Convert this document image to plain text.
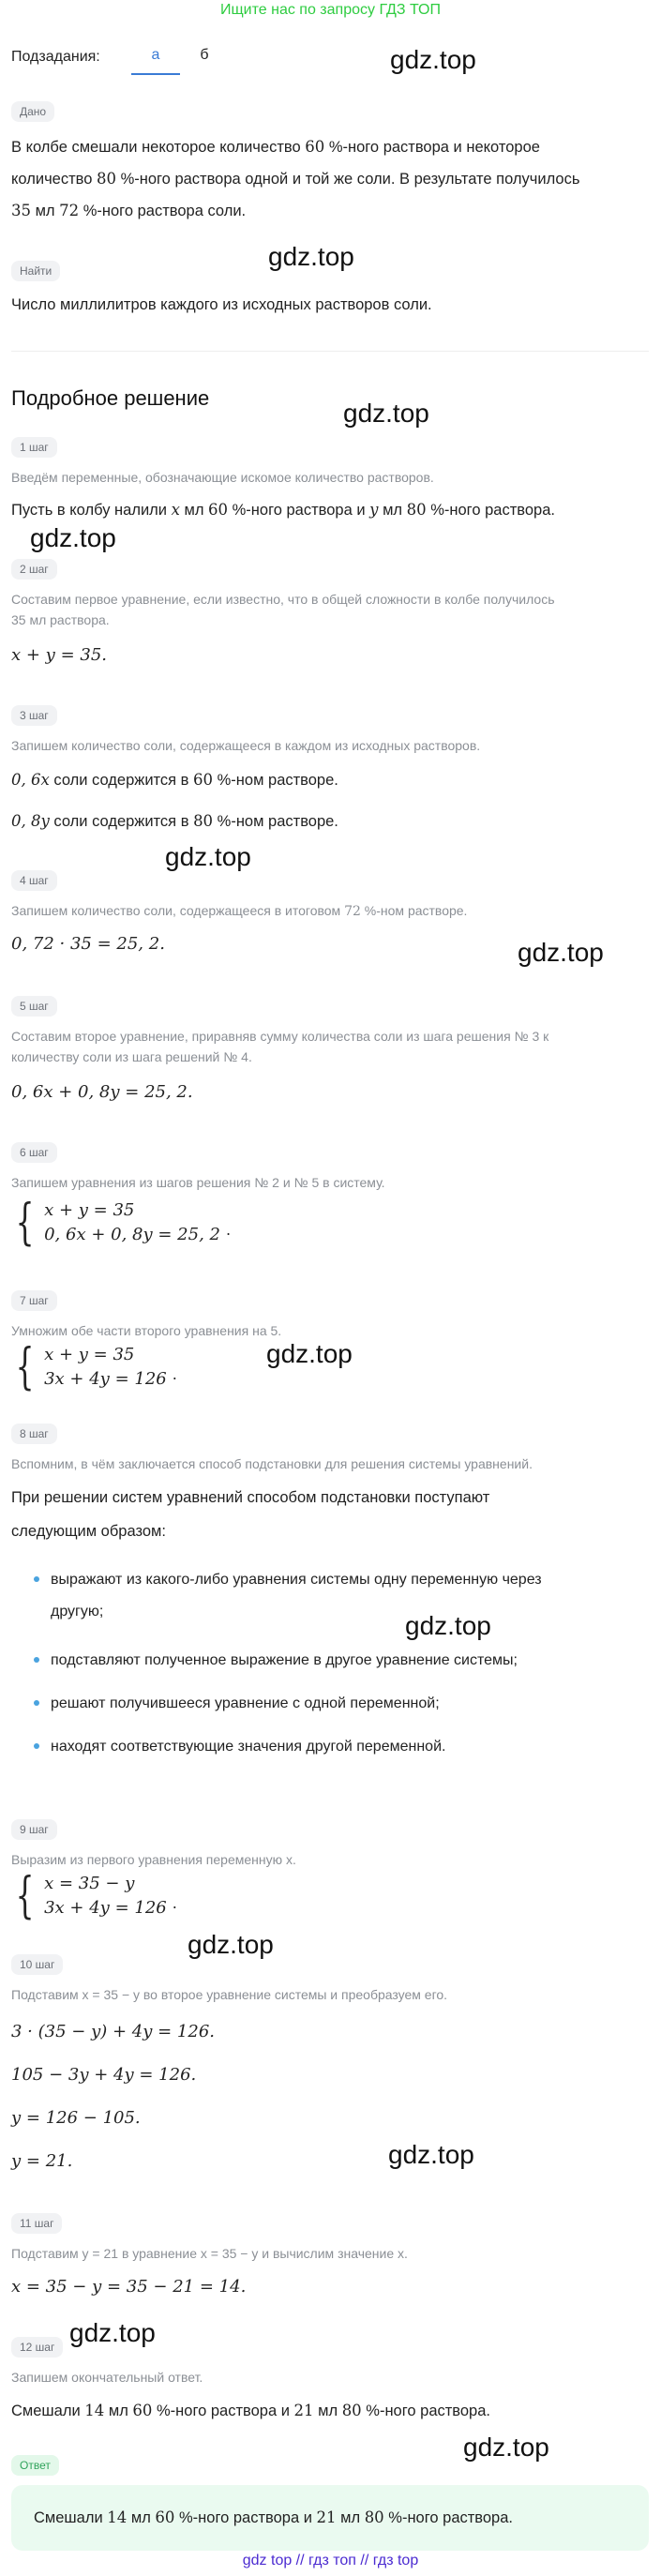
Ищите нас по запросу ГДЗ ТОП
Подзадания:	а	б
Дано
В колбе смешали некоторое количество 60 %-ного раствора и некоторое
количество 80 %-ного раствора одной и той же соли. В результате получилось
35 мл 72 %-ного раствора соли.
Найти
Число миллилитров каждого из исходных растворов соли.
Подробное решение
1 шаг
Введём переменные, обозначающие искомое количество растворов.
Пусть в колбу налили x мл 60 %-ного раствора и y мл 80 %-ного раствора.
2 шаг
Составим первое уравнение, если известно, что в общей сложности в колбе получилось
35 мл раствора.
x + y = 35.
3 шаг
Запишем количество соли, содержащееся в каждом из исходных растворов.
0, 6x соли содержится в 60 %-ном растворе.
0, 8y соли содержится в 80 %-ном растворе.
4 шаг
Запишем количество соли, содержащееся в итоговом 72 %-ном растворе.
0, 72 · 35 = 25, 2.
5 шаг
Составим второе уравнение, приравняв сумму количества соли из шага решения № 3 к
количеству соли из шага решений № 4.
0, 6x + 0, 8y = 25, 2.
6 шаг
Запишем уравнения из шагов решения № 2 и № 5 в систему.
{ x + y = 35
0, 6x + 0, 8y = 25, 2 .
7 шаг
Умножим обе части второго уравнения на 5.
{ x + y = 35
3x + 4y = 126 .
8 шаг
Вспомним, в чём заключается способ подстановки для решения системы уравнений.
При решении систем уравнений способом подстановки поступают
следующим образом:
выражают из какого-либо уравнения системы одну переменную через
другую;
подставляют полученное выражение в другое уравнение системы;
решают получившееся уравнение с одной переменной;
находят соответствующие значения другой переменной.
9 шаг
Выразим из первого уравнения переменную x.
{ x = 35 − y
3x + 4y = 126 .
10 шаг
Подставим x = 35 − y во второе уравнение системы и преобразуем его.
3 · (35 − y) + 4y = 126.
105 − 3y + 4y = 126.
y = 126 − 105.
y = 21.
11 шаг
Подставим y = 21 в уравнение x = 35 − y и вычислим значение x.
x = 35 − y = 35 − 21 = 14.
12 шаг
Запишем окончательный ответ.
Смешали 14 мл 60 %-ного раствора и 21 мл 80 %-ного раствора.
Ответ
Смешали 14 мл 60 %-ного раствора и 21 мл 80 %-ного раствора.
gdz top // гдз топ // гдз top
gdz.top
gdz.top
gdz.top
gdz.top
gdz.top
gdz.top
gdz.top
gdz.top
gdz.top
gdz.top
gdz.top
gdz.top
